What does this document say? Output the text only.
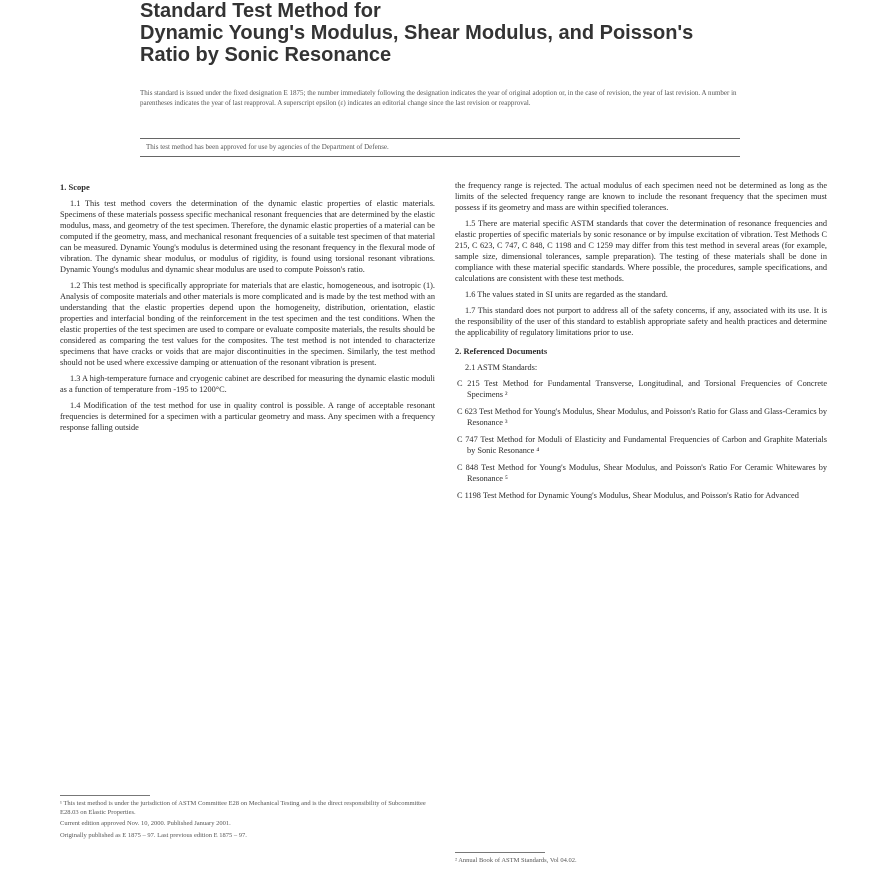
Standard Test Method for
Dynamic Young's Modulus, Shear Modulus, and Poisson's
Ratio by Sonic Resonance
This standard is issued under the fixed designation E 1875; the number immediately following the designation indicates the year of original adoption or, in the case of revision, the year of last revision. A number in parentheses indicates the year of last reapproval. A superscript epsilon (ε) indicates an editorial change since the last revision or reapproval.
This test method has been approved for use by agencies of the Department of Defense.
1. Scope

1.1 This test method covers the determination of the dynamic elastic properties of elastic materials. Specimens of these materials possess specific mechanical resonant frequencies that are determined by the elastic modulus, mass, and geometry of the test specimen. Therefore, the dynamic elastic properties of a material can be computed if the geometry, mass, and mechanical resonant frequencies of a suitable test specimen of that material can be measured. Dynamic Young's modulus is determined using the resonant frequency in the flexural mode of vibration. The dynamic shear modulus, or modulus of rigidity, is found using torsional resonant vibrations. Dynamic Young's modulus and dynamic shear modulus are used to compute Poisson's ratio.

1.2 This test method is specifically appropriate for materials that are elastic, homogeneous, and isotropic (1). Analysis of composite materials and other materials is more complicated and is made by the test method with an understanding that the elastic properties depend upon the homogeneity, distribution, orientation, elastic properties and interfacial bonding of the reinforcement in the test specimen and the test conditions. When the elastic properties of the test specimen are used to compare or evaluate composite materials, the results should be considered as comparing the test values for the composites. The test method is not intended to characterize specimens that have cracks or voids that are major discontinuities in the specimen. Similarly, the test method should not be used where excessive damping or attenuation of the resonant vibration is present.

1.3 A high-temperature furnace and cryogenic cabinet are described for measuring the dynamic elastic moduli as a function of temperature from -195 to 1200°C.

1.4 Modification of the test method for use in quality control is possible. A range of acceptable resonant frequencies is determined for a specimen with a particular geometry and mass. Any specimen with a frequency response falling outside

¹ This test method is under the jurisdiction of ASTM Committee E28 on Mechanical Testing and is the direct responsibility of Subcommittee E28.03 on Elastic Properties.

Current edition approved Nov. 10, 2000. Published January 2001.

Originally published as E 1875 – 97. Last previous edition E 1875 – 97.

the frequency range is rejected. The actual modulus of each specimen need not be determined as long as the limits of the selected frequency range are known to include the resonant frequency that the specimen must possess if its geometry and mass are within specified tolerances.

1.5 There are material specific ASTM standards that cover the determination of resonance frequencies and elastic properties of specific materials by sonic resonance or by impulse excitation of vibration. Test Methods C 215, C 623, C 747, C 848, C 1198 and C 1259 may differ from this test method in several areas (for example, sample size, dimensional tolerances, sample preparation). The testing of these materials shall be done in compliance with these material specific standards. Where possible, the procedures, sample specifications, and calculations are consistent with these test methods.

1.6 The values stated in SI units are regarded as the standard.

1.7 This standard does not purport to address all of the safety concerns, if any, associated with its use. It is the responsibility of the user of this standard to establish appropriate safety and health practices and determine the applicability of regulatory limitations prior to use.

2. Referenced Documents
2.1 ASTM Standards:
C 215 Test Method for Fundamental Transverse, Longitudinal, and Torsional Frequencies of Concrete Specimens ²
C 623 Test Method for Young's Modulus, Shear Modulus, and Poisson's Ratio for Glass and Glass-Ceramics by Resonance ³
C 747 Test Method for Moduli of Elasticity and Fundamental Frequencies of Carbon and Graphite Materials by Sonic Resonance ⁴
C 848 Test Method for Young's Modulus, Shear Modulus, and Poisson's Ratio For Ceramic Whitewares by Resonance ⁵
C 1198 Test Method for Dynamic Young's Modulus, Shear Modulus, and Poisson's Ratio for Advanced
² Annual Book of ASTM Standards, Vol 04.02.
